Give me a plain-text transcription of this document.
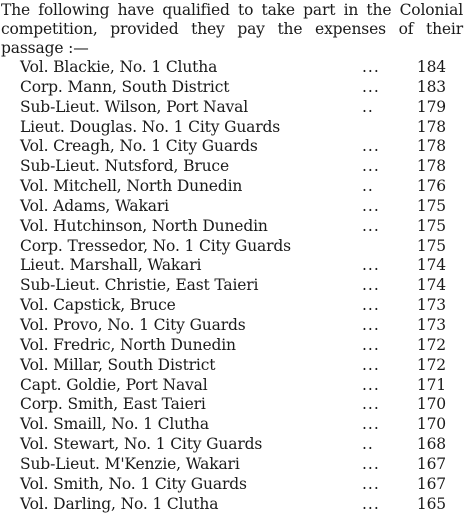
The following have qualified to take part in the Colonial competition, provided they pay the expenses of their passage :—

Vol. Blackie, No. 1 Clutha	...	184
Corp. Mann, South District	...	183
Sub-Lieut. Wilson, Port Naval	..	179
Lieut. Douglas. No. 1 City Guards	178
Vol. Creagh, No. 1 City Guards	...	178
Sub-Lieut. Nutsford, Bruce	...	178
Vol. Mitchell, North Dunedin	..	176
Vol. Adams, Wakari	...	175
Vol. Hutchinson, North Dunedin	...	175
Corp. Tressedor, No. 1 City Guards	175
Lieut. Marshall, Wakari	...	174
Sub-Lieut. Christie, East Taieri	...	174
Vol. Capstick, Bruce	...	173
Vol. Provo, No. 1 City Guards	...	173
Vol. Fredric, North Dunedin	...	172
Vol. Millar, South District	...	172
Capt. Goldie, Port Naval	...	171
Corp. Smith, East Taieri	...	170
Vol. Smaill, No. 1 Clutha	...	170
Vol. Stewart, No. 1 City Guards	..	168
Sub-Lieut. M'Kenzie, Wakari	...	167
Vol. Smith, No. 1 City Guards	...	167
Vol. Darling, No. 1 Clutha	...	165
